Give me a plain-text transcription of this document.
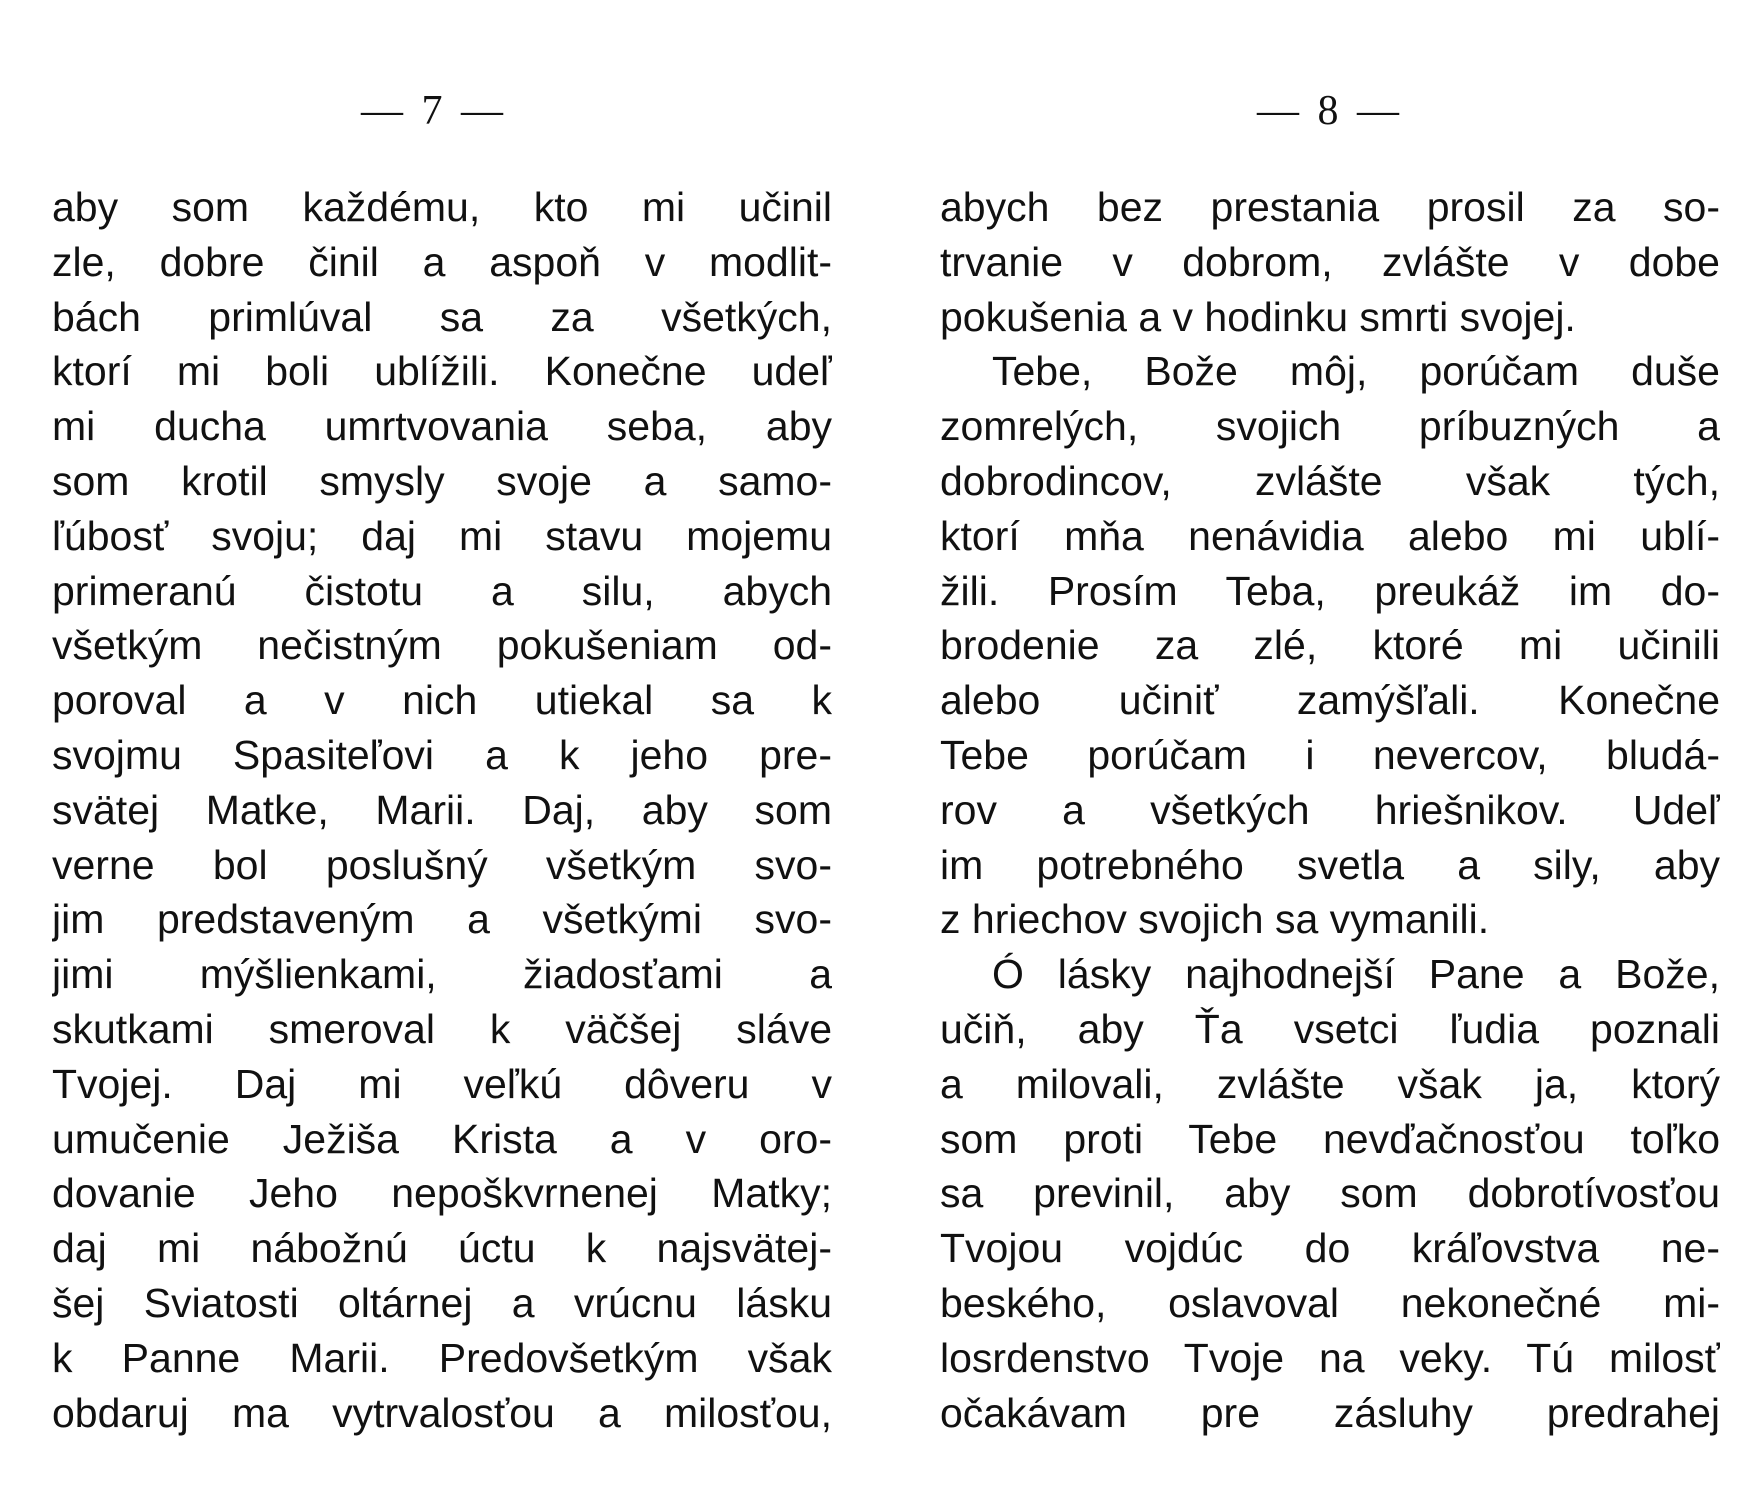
— 7 —
aby som každému, kto mi učinil
zle, dobre činil a aspoň v modlit-
bách primlúval sa za všetkých,
ktorí mi boli ublížili. Konečne udeľ
mi ducha umrtvovania seba, aby
som krotil smysly svoje a samo-
ľúbosť svoju; daj mi stavu mojemu
primeranú čistotu a silu, abych
všetkým nečistným pokušeniam od-
poroval a v nich utiekal sa k
svojmu Spasiteľovi a k jeho pre-
svätej Matke, Marii. Daj, aby som
verne bol poslušný všetkým svo-
jim predstaveným a všetkými svo-
jimi mýšlienkami, žiadosťami a
skutkami smeroval k väčšej sláve
Tvojej. Daj mi veľkú dôveru v
umučenie Ježiša Krista a v oro-
dovanie Jeho nepoškvrnenej Matky;
daj mi nábožnú úctu k najsvätej-
šej Sviatosti oltárnej a vrúcnu lásku
k Panne Marii. Predovšetkým však
obdaruj ma vytrvalosťou a milosťou,
— 8 —
abych bez prestania prosil za so-
trvanie v dobrom, zvlášte v dobe
pokušenia a v hodinku smrti svojej.
Tebe, Bože môj, porúčam duše
zomrelých, svojich príbuzných a
dobrodincov, zvlášte však tých,
ktorí mňa nenávidia alebo mi ublí-
žili. Prosím Teba, preukáž im do-
brodenie za zlé, ktoré mi učinili
alebo učiniť zamýšľali. Konečne
Tebe porúčam i nevercov, bludá-
rov a všetkých hriešnikov. Udeľ
im potrebného svetla a sily, aby
z hriechov svojich sa vymanili.
Ó lásky najhodnejší Pane a Bože,
učiň, aby Ťa vsetci ľudia poznali
a milovali, zvlášte však ja, ktorý
som proti Tebe nevďačnosťou toľko
sa previnil, aby som dobrotívosťou
Tvojou vojdúc do kráľovstva ne-
beského, oslavoval nekonečné mi-
losrdenstvo Tvoje na veky. Tú milosť
očakávam pre zásluhy predrahej
